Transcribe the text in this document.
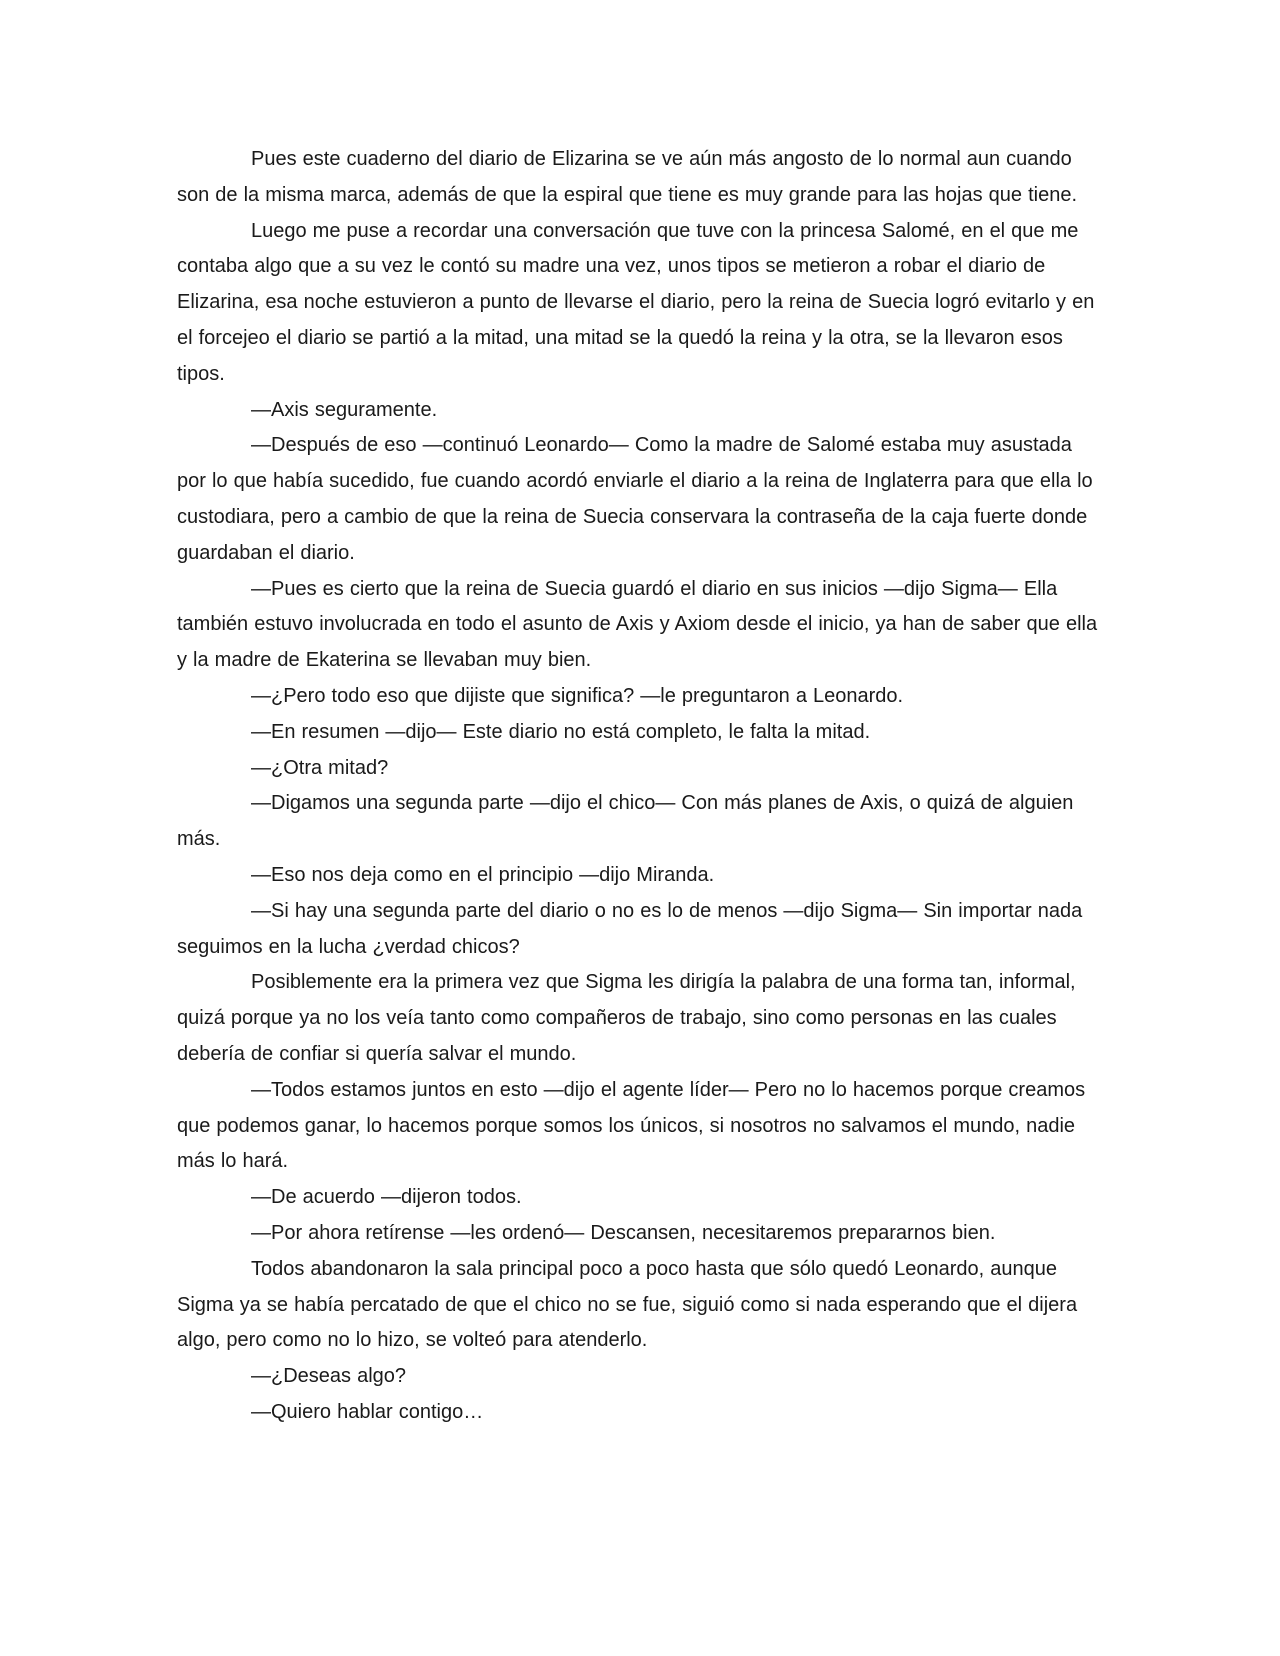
Pues este cuaderno del diario de Elizarina se ve aún más angosto de lo normal aun cuando son de la misma marca, además de que la espiral que tiene es muy grande para las hojas que tiene.

Luego me puse a recordar una conversación que tuve con la princesa Salomé, en el que me contaba algo que a su vez le contó su madre una vez, unos tipos se metieron a robar el diario de Elizarina, esa noche estuvieron a punto de llevarse el diario, pero la reina de Suecia logró evitarlo y en el forcejeo el diario se partió a la mitad, una mitad se la quedó la reina y la otra, se la llevaron esos tipos.

—Axis seguramente.

—Después de eso —continuó Leonardo— Como la madre de Salomé estaba muy asustada por lo que había sucedido, fue cuando acordó enviarle el diario a la reina de Inglaterra para que ella lo custodiara, pero a cambio de que la reina de Suecia conservara la contraseña de la caja fuerte donde guardaban el diario.

—Pues es cierto que la reina de Suecia guardó el diario en sus inicios —dijo Sigma— Ella también estuvo involucrada en todo el asunto de Axis y Axiom desde el inicio, ya han de saber que ella y la madre de Ekaterina se llevaban muy bien.

—¿Pero todo eso que dijiste que significa? —le preguntaron a Leonardo.

—En resumen —dijo— Este diario no está completo, le falta la mitad.

—¿Otra mitad?

—Digamos una segunda parte —dijo el chico— Con más planes de Axis, o quizá de alguien más.

—Eso nos deja como en el principio —dijo Miranda.

—Si hay una segunda parte del diario o no es lo de menos —dijo Sigma— Sin importar nada seguimos en la lucha ¿verdad chicos?

Posiblemente era la primera vez que Sigma les dirigía la palabra de una forma tan, informal, quizá porque ya no los veía tanto como compañeros de trabajo, sino como personas en las cuales debería de confiar si quería salvar el mundo.

—Todos estamos juntos en esto —dijo el agente líder— Pero no lo hacemos porque creamos que podemos ganar, lo hacemos porque somos los únicos, si nosotros no salvamos el mundo, nadie más lo hará.

—De acuerdo —dijeron todos.

—Por ahora retírense —les ordenó— Descansen, necesitaremos prepararnos bien.

Todos abandonaron la sala principal poco a poco hasta que sólo quedó Leonardo, aunque Sigma ya se había percatado de que el chico no se fue, siguió como si nada esperando que el dijera algo, pero como no lo hizo, se volteó para atenderlo.

—¿Deseas algo?

—Quiero hablar contigo…
